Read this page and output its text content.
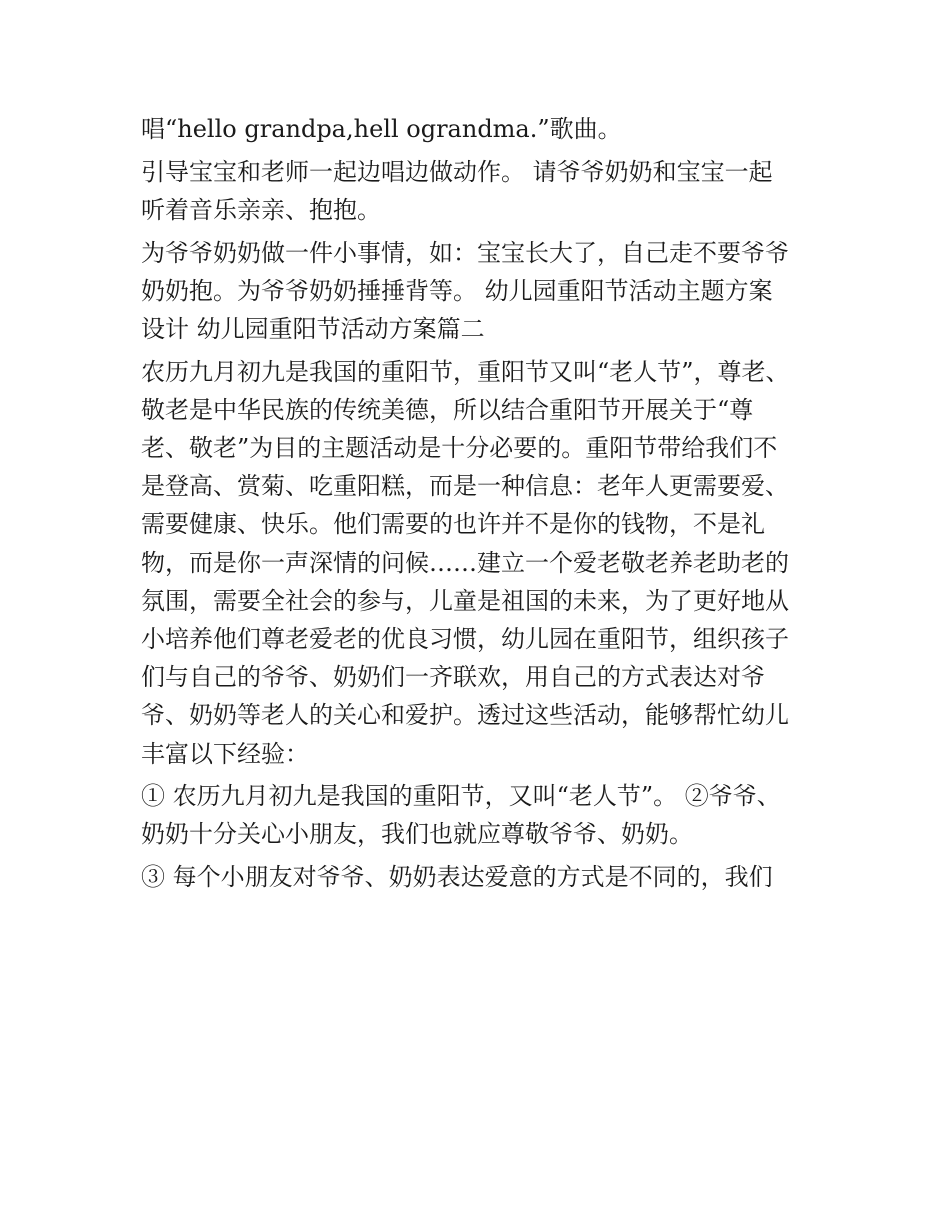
唱“hello grandpa,hell ograndma.”歌曲。
引导宝宝和老师一起边唱边做动作。 请爷爷奶奶和宝宝一起
听着音乐亲亲、抱抱。
为爷爷奶奶做一件小事情，如：宝宝长大了，自己走不要爷爷
奶奶抱。为爷爷奶奶捶捶背等。 幼儿园重阳节活动主题方案
设计 幼儿园重阳节活动方案篇二
农历九月初九是我国的重阳节，重阳节又叫“老人节”，尊老、
敬老是中华民族的传统美德，所以结合重阳节开展关于“尊
老、敬老”为目的主题活动是十分必要的。重阳节带给我们不
是登高、赏菊、吃重阳糕，而是一种信息：老年人更需要爱、
需要健康、快乐。他们需要的也许并不是你的钱物，不是礼
物，而是你一声深情的问候……建立一个爱老敬老养老助老的
氛围，需要全社会的参与，儿童是祖国的未来，为了更好地从
小培养他们尊老爱老的优良习惯，幼儿园在重阳节，组织孩子
们与自己的爷爷、奶奶们一齐联欢，用自己的方式表达对爷
爷、奶奶等老人的关心和爱护。透过这些活动，能够帮忙幼儿
丰富以下经验：
① 农历九月初九是我国的重阳节，又叫“老人节”。 ②爷爷、
奶奶十分关心小朋友，我们也就应尊敬爷爷、奶奶。
③ 每个小朋友对爷爷、奶奶表达爱意的方式是不同的，我们
